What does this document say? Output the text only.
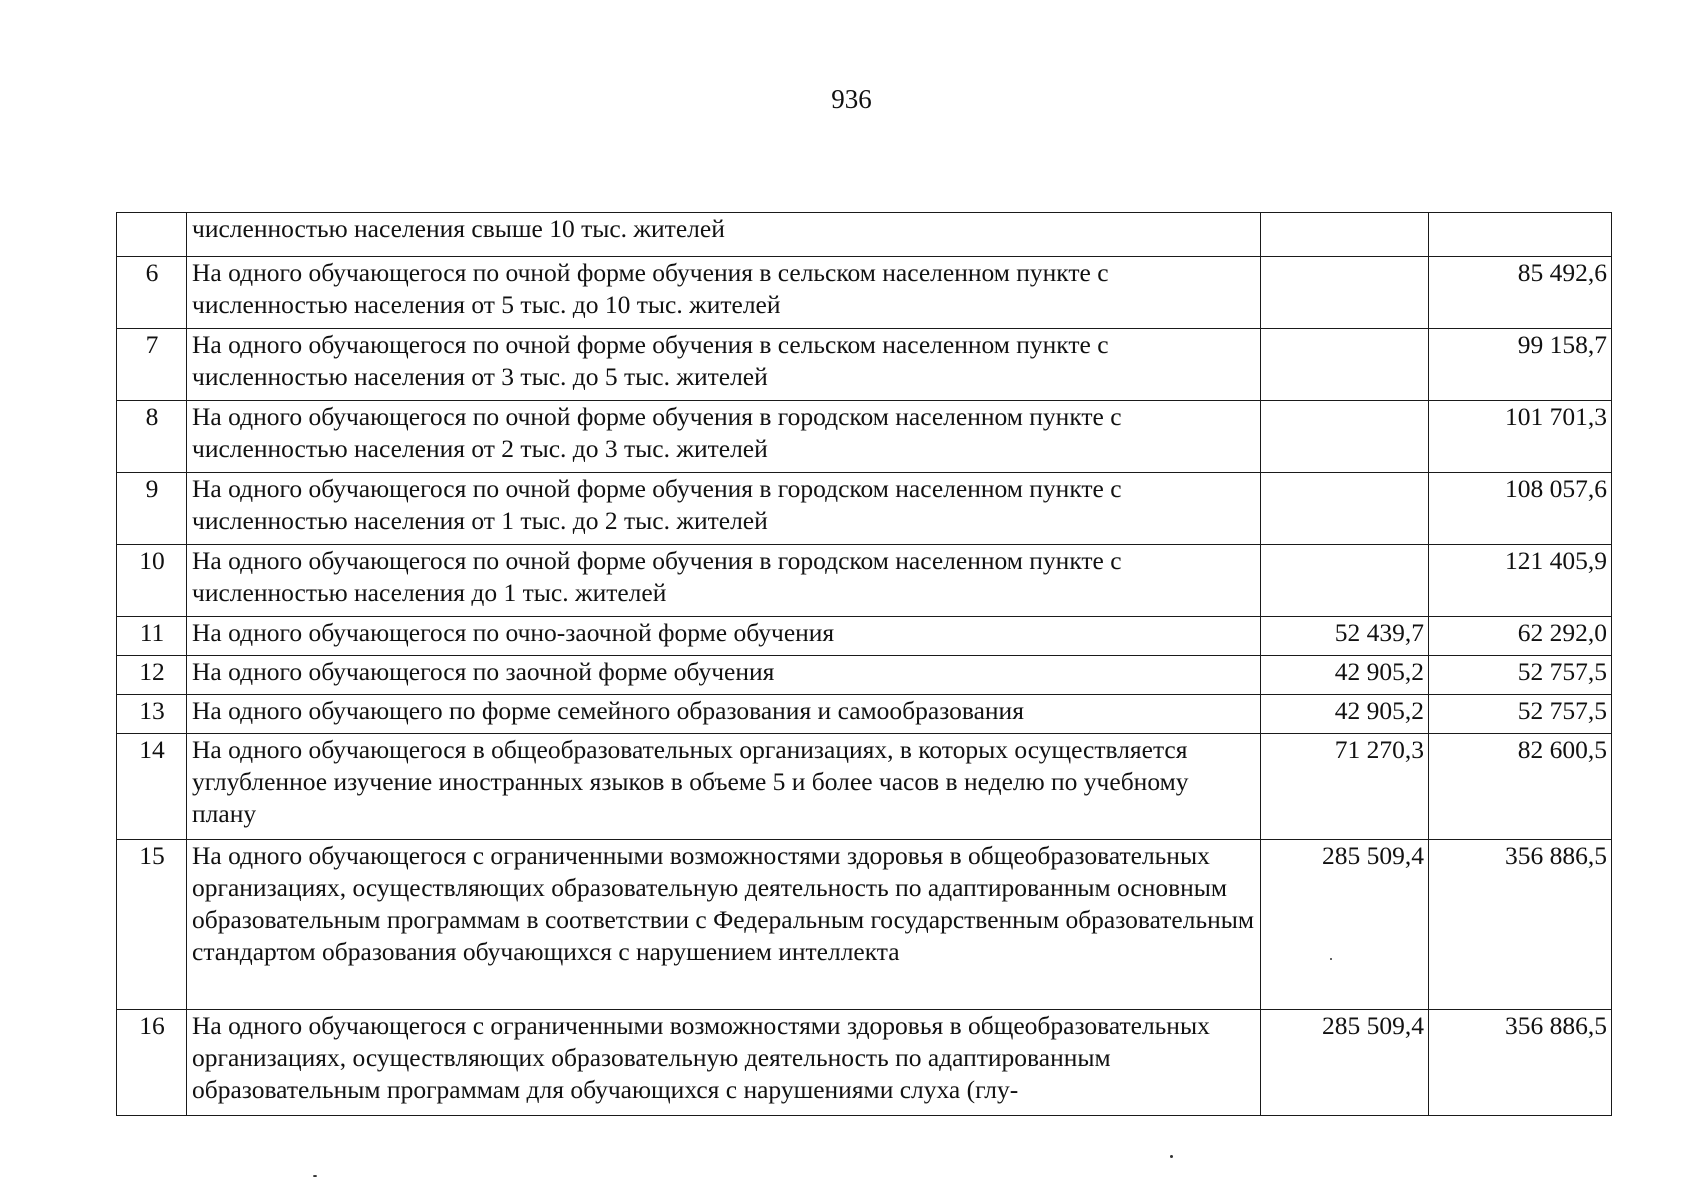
936
	численностью населения свыше 10 тыс. жителей		
6	На одного обучающегося по очной форме обучения в сельском населенном пункте с численностью населения от 5 тыс. до 10 тыс. жителей		85 492,6
7	На одного обучающегося по очной форме обучения в сельском населенном пункте с численностью населения от 3 тыс. до 5 тыс. жителей		99 158,7
8	На одного обучающегося по очной форме обучения в городском населенном пункте с численностью населения от 2 тыс. до 3 тыс. жителей		101 701,3
9	На одного обучающегося по очной форме обучения в городском населенном пункте с численностью населения от 1 тыс. до 2 тыс. жителей		108 057,6
10	На одного обучающегося по очной форме обучения в городском населенном пункте с численностью населения до 1 тыс. жителей		121 405,9
11	На одного обучающегося по очно-заочной форме обучения	52 439,7	62 292,0
12	На одного обучающегося по заочной форме обучения	42 905,2	52 757,5
13	На одного обучающего по форме семейного образования и самообразования	42 905,2	52 757,5
14	На одного обучающегося в общеобразовательных организациях, в которых осуществляется углубленное изучение иностранных языков в объеме 5 и более часов в неделю по учебному плану	71 270,3	82 600,5
15	На одного обучающегося с ограниченными возможностями здоровья в общеобразовательных организациях, осуществляющих образовательную деятельность по адаптированным основным образовательным программам в соответствии с Федеральным государственным образовательным стандартом образования обучающихся с нарушением интеллекта	285 509,4	356 886,5
16	На одного обучающегося с ограниченными возможностями здоровья в общеобразовательных организациях, осуществляющих образовательную деятельность по адаптированным образовательным программам для обучающихся с нарушениями слуха (глу-	285 509,4	356 886,5
